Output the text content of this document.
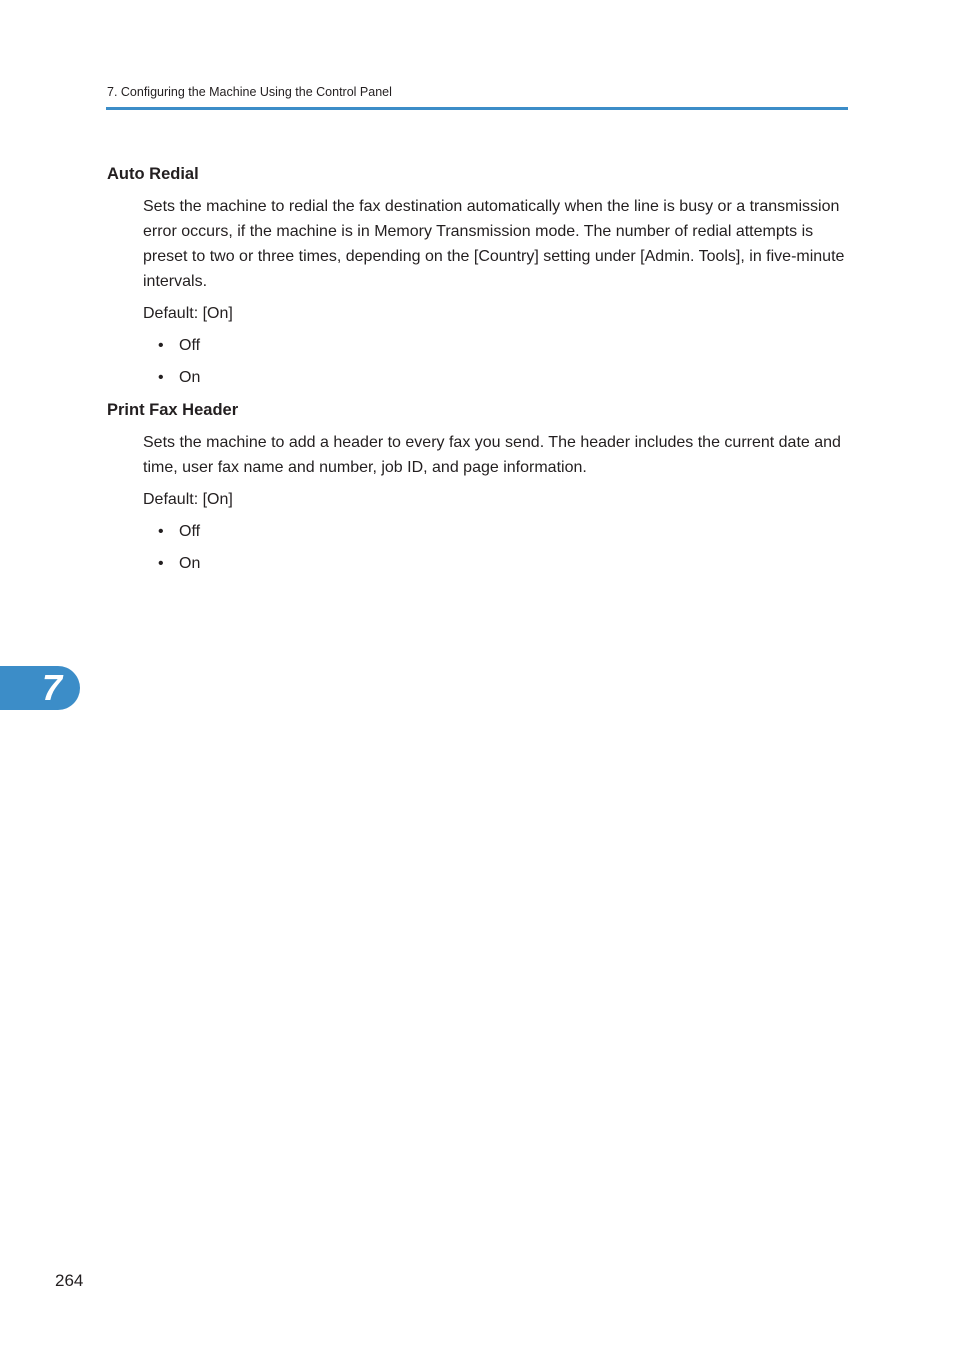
7. Configuring the Machine Using the Control Panel
Auto Redial

Sets the machine to redial the fax destination automatically when the line is busy or a transmission error occurs, if the machine is in Memory Transmission mode. The number of redial attempts is preset to two or three times, depending on the [Country] setting under [Admin. Tools], in five-minute intervals.

Default: [On]

• Off
• On
Print Fax Header

Sets the machine to add a header to every fax you send. The header includes the current date and time, user fax name and number, job ID, and page information.

Default: [On]

• Off
• On
7
264
